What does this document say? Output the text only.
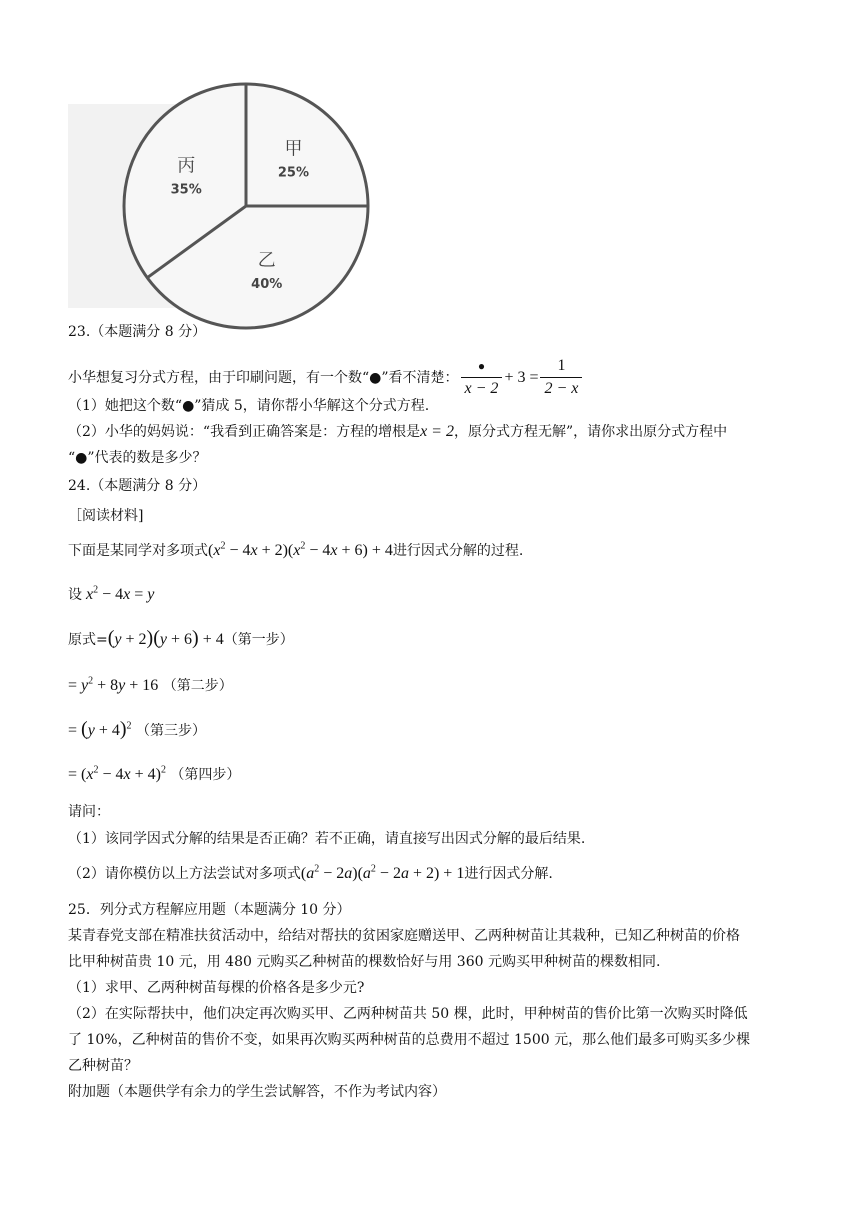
甲
25%
乙
40%
丙
35%
23.（本题满分 8 分）
小华想复习分式方程，由于印刷问题，有一个数“●”看不清楚： $\frac{●}{x - 2} + 3 = \frac{1}{2 - x}$
（1）她把这个数“●”猜成 5，请你帮小华解这个分式方程.
（2）小华的妈妈说：“我看到正确答案是：方程的增根是x = 2，原分式方程无解”，请你求出原分式方程中
“●”代表的数是多少？
24.（本题满分 8 分）
［阅读材料]
下面是某同学对多项式$(x^2 - 4x + 2)(x^2 - 4x + 6) + 4$进行因式分解的过程.
设 $x^2 - 4x = y$
原式=(y + 2)(y + 6) + 4（第一步）
= $y^2 + 8y + 16$ （第二步）
= $(y + 4)^2$ （第三步）
= $(x^2 - 4x + 4)^2$ （第四步）
请问：
（1）该同学因式分解的结果是否正确？若不正确，请直接写出因式分解的最后结果.
（2）请你模仿以上方法尝试对多项式$(a^2 - 2a)(a^2 - 2a + 2) + 1$进行因式分解.
25．列分式方程解应用题（本题满分 10 分）
某青春党支部在精准扶贫活动中，给结对帮扶的贫困家庭赠送甲、乙两种树苗让其栽种，已知乙种树苗的价格
比甲种树苗贵 10 元，用 480 元购买乙种树苗的棵数恰好与用 360 元购买甲种树苗的棵数相同.
（1）求甲、乙两种树苗每棵的价格各是多少元?
（2）在实际帮扶中，他们决定再次购买甲、乙两种树苗共 50 棵，此时，甲种树苗的售价比第一次购买时降低
了 10%，乙种树苗的售价不变，如果再次购买两种树苗的总费用不超过 1500 元，那么他们最多可购买多少棵
乙种树苗？
附加题（本题供学有余力的学生尝试解答，不作为考试内容）
